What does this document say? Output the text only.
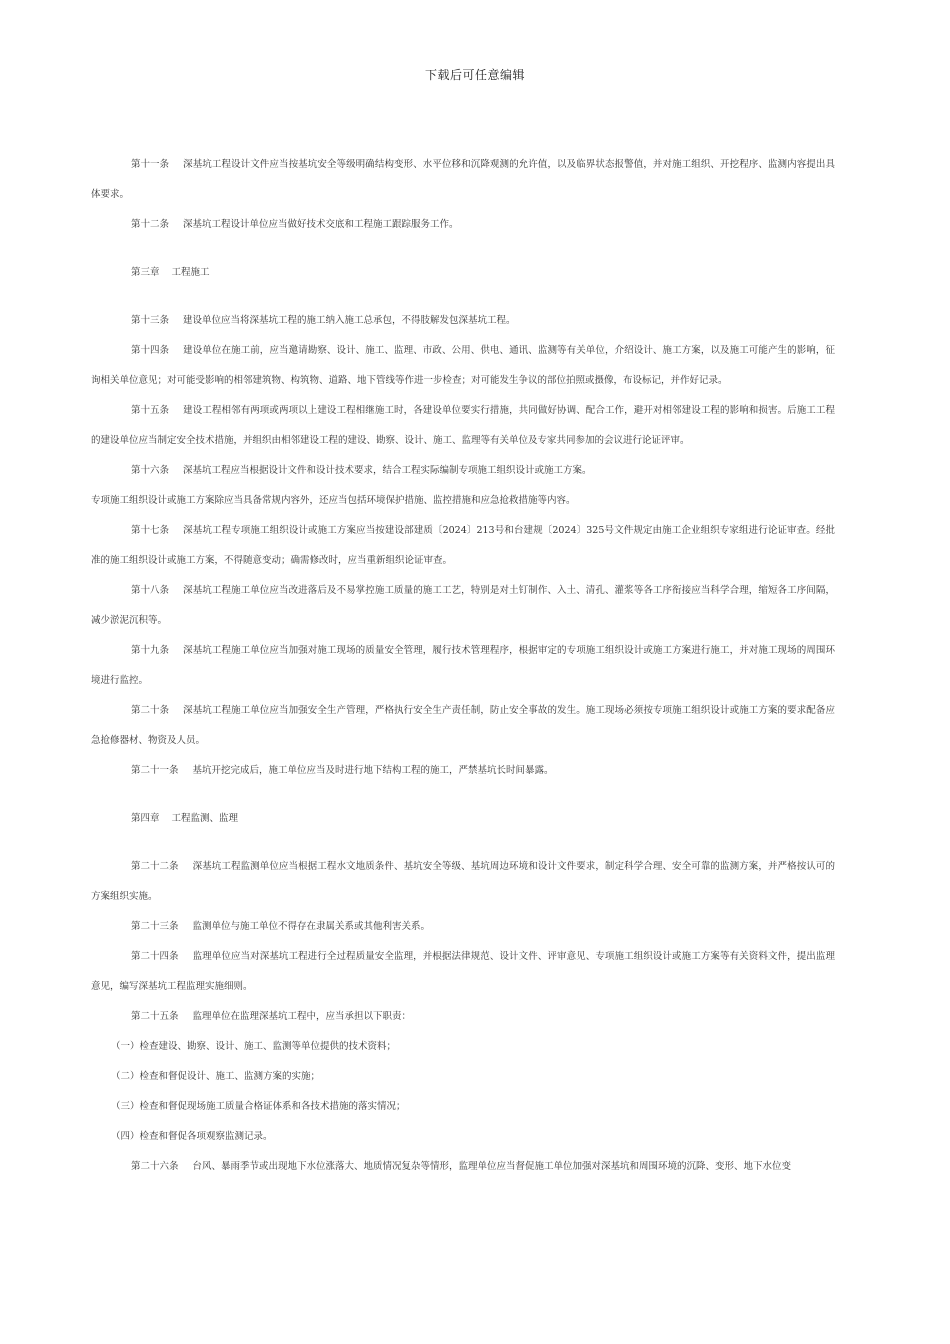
下载后可任意编辑

第十一条 深基坑工程设计文件应当按基坑安全等级明确结构变形、水平位移和沉降观测的允许值，以及临界状态报警值，并对施工组织、开挖程序、监测内容提出具体要求。

第十二条 深基坑工程设计单位应当做好技术交底和工程施工跟踪服务工作。

第三章 工程施工

第十三条 建设单位应当将深基坑工程的施工纳入施工总承包，不得肢解发包深基坑工程。

第十四条 建设单位在施工前，应当邀请勘察、设计、施工、监理、市政、公用、供电、通讯、监测等有关单位，介绍设计、施工方案，以及施工可能产生的影响，征询相关单位意见；对可能受影响的相邻建筑物、构筑物、道路、地下管线等作进一步检查；对可能发生争议的部位拍照或摄像，布设标记，并作好记录。

第十五条 建设工程相邻有两项或两项以上建设工程相继施工时，各建设单位要实行措施，共同做好协调、配合工作，避开对相邻建设工程的影响和损害。后施工工程的建设单位应当制定安全技术措施，并组织由相邻建设工程的建设、勘察、设计、施工、监理等有关单位及专家共同参加的会议进行论证评审。

第十六条 深基坑工程应当根据设计文件和设计技术要求，结合工程实际编制专项施工组织设计或施工方案。

专项施工组织设计或施工方案除应当具备常规内容外，还应当包括环境保护措施、监控措施和应急抢救措施等内容。

第十七条 深基坑工程专项施工组织设计或施工方案应当按建设部建质〔2024〕213号和台建规〔2024〕325号文件规定由施工企业组织专家组进行论证审查。经批准的施工组织设计或施工方案，不得随意变动；确需修改时，应当重新组织论证审查。

第十八条 深基坑工程施工单位应当改进落后及不易掌控施工质量的施工工艺，特别是对土钉制作、入土、清孔、灌浆等各工序衔接应当科学合理，缩短各工序间隔，减少淤泥沉积等。

第十九条 深基坑工程施工单位应当加强对施工现场的质量安全管理，履行技术管理程序，根据审定的专项施工组织设计或施工方案进行施工，并对施工现场的周围环境进行监控。

第二十条 深基坑工程施工单位应当加强安全生产管理，严格执行安全生产责任制，防止安全事故的发生。施工现场必须按专项施工组织设计或施工方案的要求配备应急抢修器材、物资及人员。

第二十一条 基坑开挖完成后，施工单位应当及时进行地下结构工程的施工，严禁基坑长时间暴露。

第四章 工程监测、监理

第二十二条 深基坑工程监测单位应当根据工程水文地质条件、基坑安全等级、基坑周边环境和设计文件要求，制定科学合理、安全可靠的监测方案，并严格按认可的方案组织实施。

第二十三条 监测单位与施工单位不得存在隶属关系或其他利害关系。

第二十四条 监理单位应当对深基坑工程进行全过程质量安全监理，并根据法律规范、设计文件、评审意见、专项施工组织设计或施工方案等有关资料文件，提出监理意见，编写深基坑工程监理实施细则。

第二十五条 监理单位在监理深基坑工程中，应当承担以下职责：

（一）检查建设、勘察、设计、施工、监测等单位提供的技术资料；

（二）检查和督促设计、施工、监测方案的实施；

（三）检查和督促现场施工质量合格证体系和各技术措施的落实情况；

（四）检查和督促各项观察监测记录。

第二十六条 台风、暴雨季节或出现地下水位涨落大、地质情况复杂等情形，监理单位应当督促施工单位加强对深基坑和周围环境的沉降、变形、地下水位变
